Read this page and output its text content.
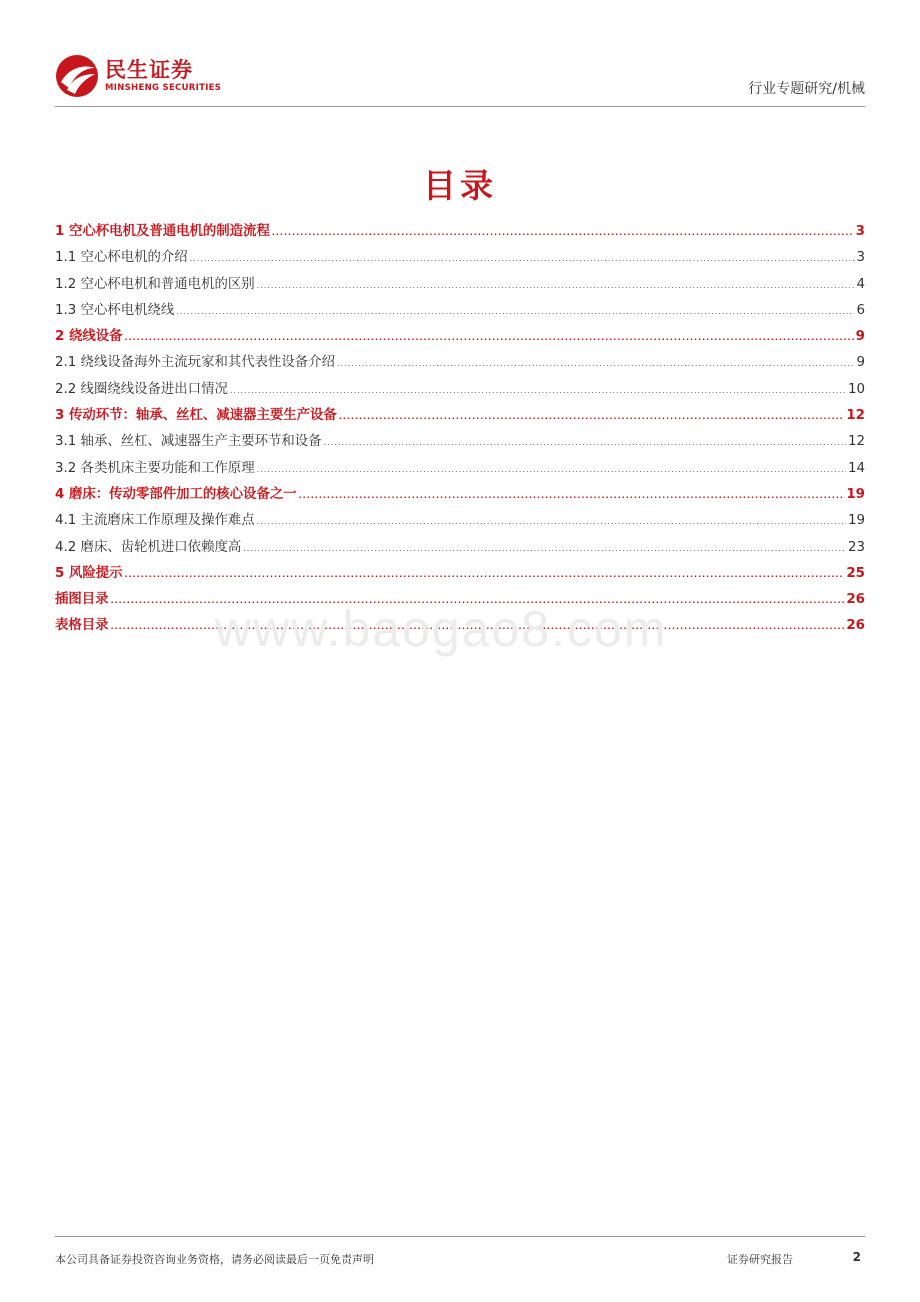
民生证券
MINSHENG SECURITIES	行业专题研究/机械
目录
1 空心杯电机及普通电机的制造流程 .....	3
1.1 空心杯电机的介绍 .....	3
1.2 空心杯电机和普通电机的区别 .....	4
1.3 空心杯电机绕线 .....	6
2 绕线设备 .....	9
2.1 绕线设备海外主流玩家和其代表性设备介绍 .....	9
2.2 线圈绕线设备进出口情况 .....	10
3 传动环节：轴承、丝杠、减速器主要生产设备 .....	12
3.1 轴承、丝杠、减速器生产主要环节和设备 .....	12
3.2 各类机床主要功能和工作原理 .....	14
4 磨床：传动零部件加工的核心设备之一 .....	19
4.1 主流磨床工作原理及操作难点 .....	19
4.2 磨床、齿轮机进口依赖度高 .....	23
5 风险提示 .....	25
插图目录 .....	26
表格目录 .....	26
www.baogao8.com
本公司具备证券投资咨询业务资格，请务必阅读最后一页免责声明	证券研究报告	2
